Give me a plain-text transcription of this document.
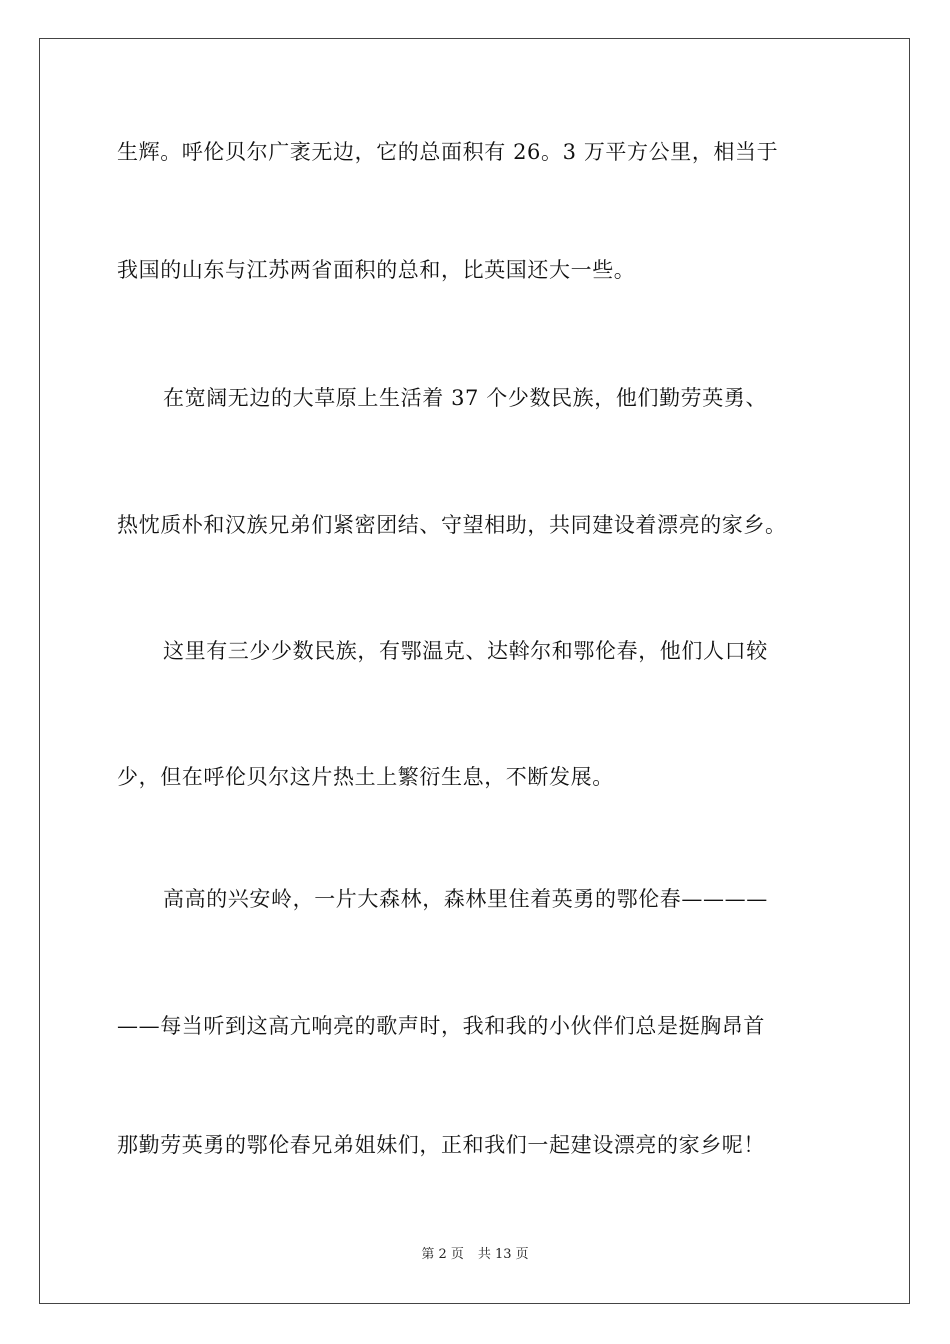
生辉。呼伦贝尔广袤无边，它的总面积有 26。3 万平方公里，相当于
我国的山东与江苏两省面积的总和，比英国还大一些。
在宽阔无边的大草原上生活着 37 个少数民族，他们勤劳英勇、
热忱质朴和汉族兄弟们紧密团结、守望相助，共同建设着漂亮的家乡。
这里有三少少数民族，有鄂温克、达斡尔和鄂伦春，他们人口较
少，但在呼伦贝尔这片热土上繁衍生息，不断发展。
高高的兴安岭，一片大森林，森林里住着英勇的鄂伦春————
——每当听到这高亢响亮的歌声时，我和我的小伙伴们总是挺胸昂首
那勤劳英勇的鄂伦春兄弟姐妹们，正和我们一起建设漂亮的家乡呢！
第 2 页 共 13 页
